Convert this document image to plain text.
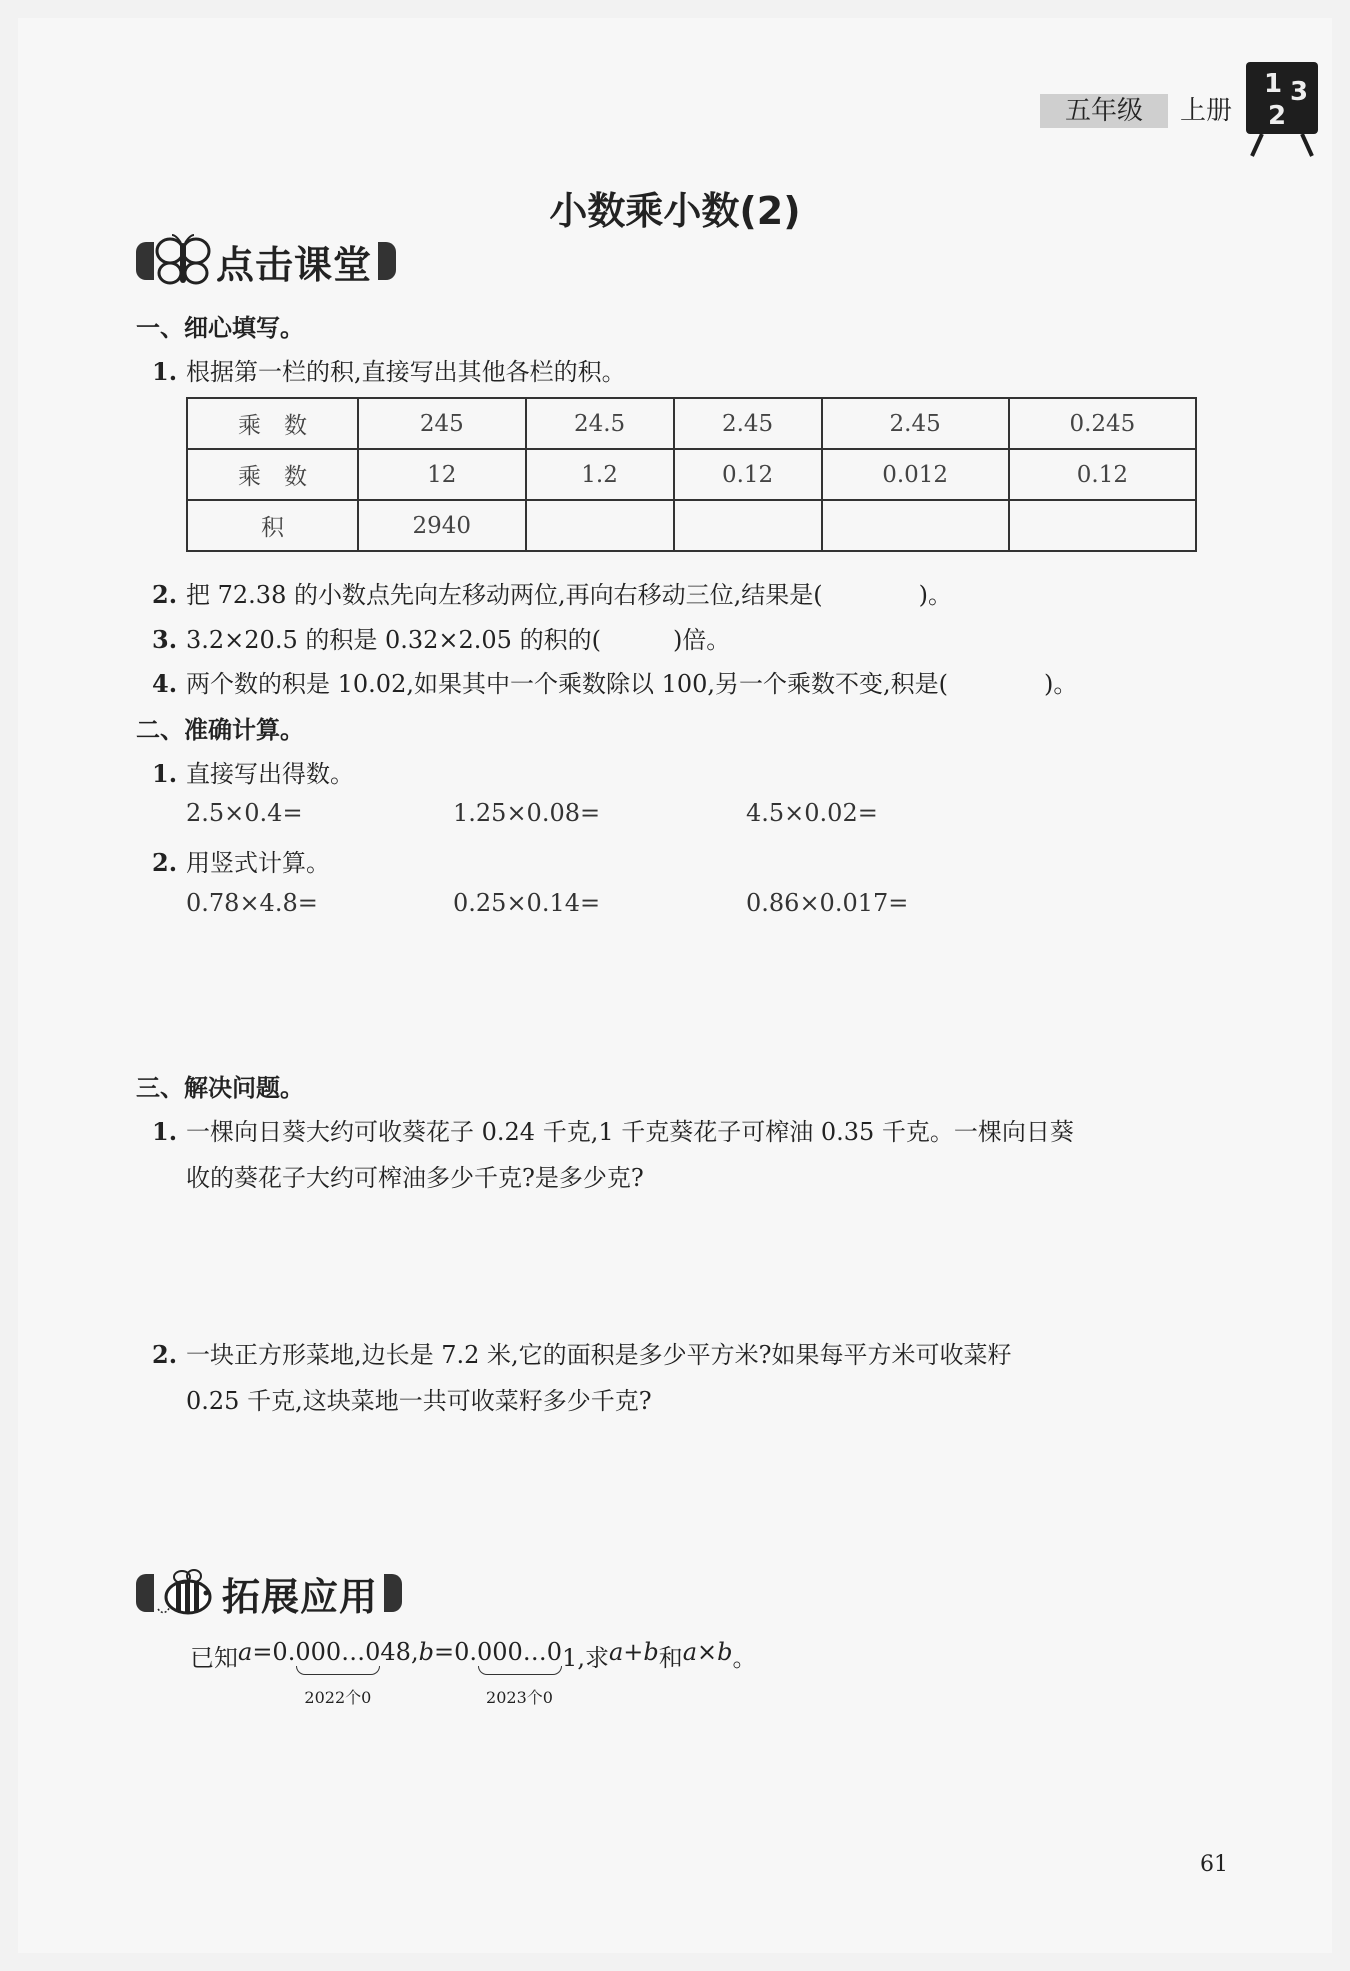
五年级	上册
1 3
2
小数乘小数(2)
点击课堂
一、细心填写。
1. 根据第一栏的积,直接写出其他各栏的积。
乘　数	245	24.5	2.45	2.45	0.245
乘　数	12	1.2	0.12	0.012	0.12
积	2940				
2. 把 72.38 的小数点先向左移动两位,再向右移动三位,结果是(　　　　)。
3. 3.2×20.5 的积是 0.32×2.05 的积的(　　　)倍。
4. 两个数的积是 10.02,如果其中一个乘数除以 100,另一个乘数不变,积是(　　　　)。
二、准确计算。
1. 直接写出得数。
2.5×0.4=	1.25×0.08=	4.5×0.02=
2. 用竖式计算。
0.78×4.8=	0.25×0.14=	0.86×0.017=
三、解决问题。
1. 一棵向日葵大约可收葵花子 0.24 千克,1 千克葵花子可榨油 0.35 千克。一棵向日葵
收的葵花子大约可榨油多少千克?是多少克?
2. 一块正方形菜地,边长是 7.2 米,它的面积是多少平方米?如果每平方米可收菜籽
0.25 千克,这块菜地一共可收菜籽多少千克?
拓展应用
已知 a =0. 000…0
2022个0
48, b =0. 000…0
2023个0
1,求 a+b 和 a×b 。
61
